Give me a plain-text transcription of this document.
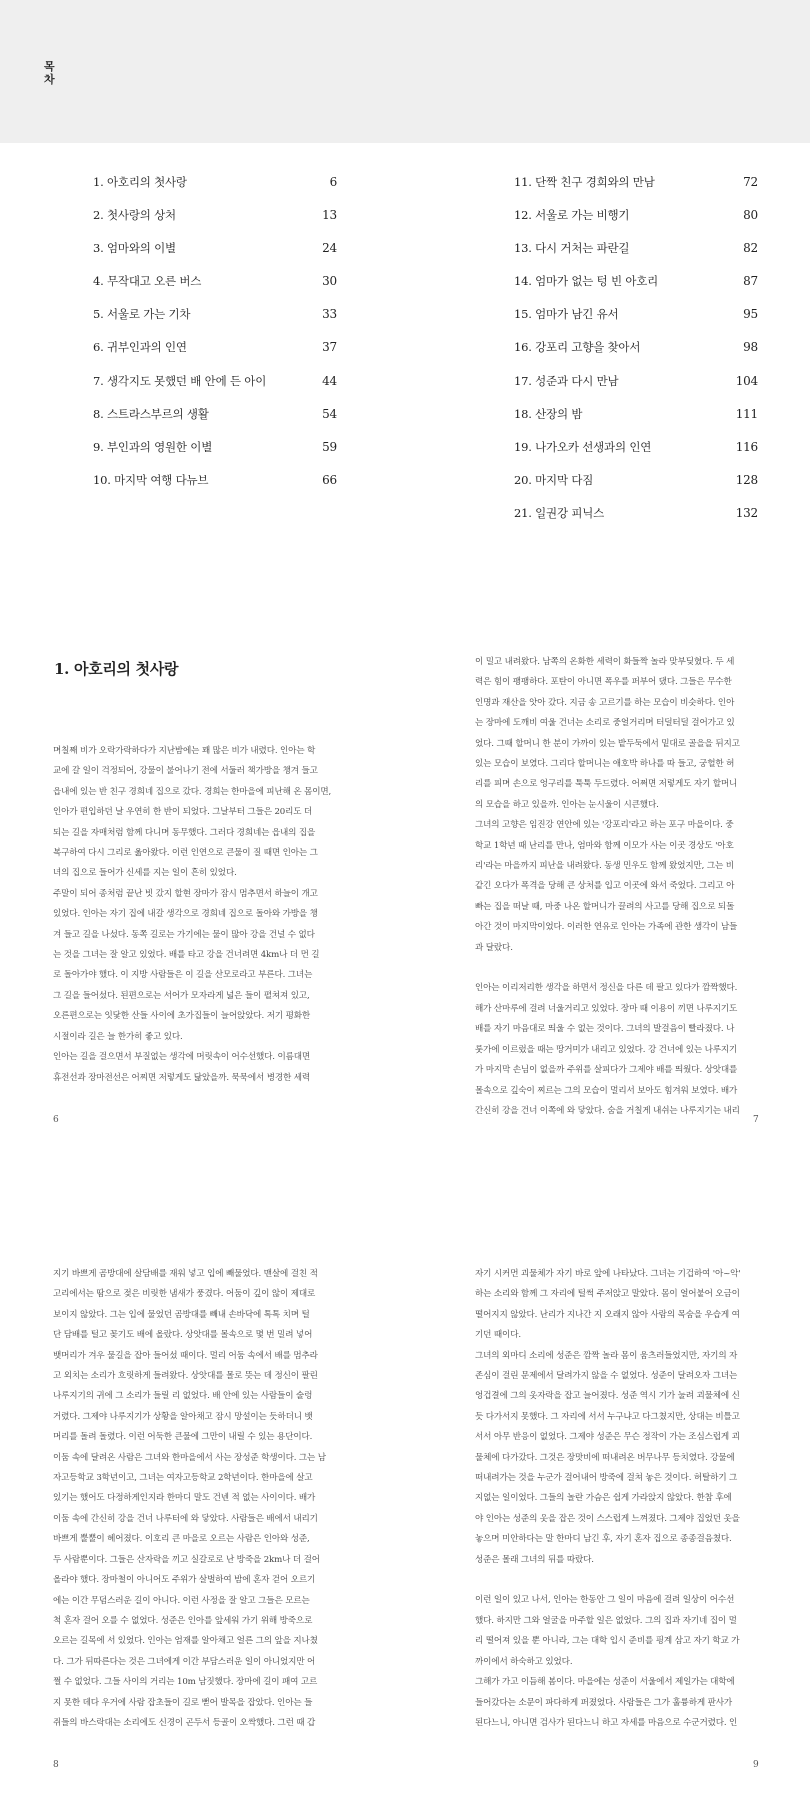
목차
1. 아호리의 첫사랑	6
2. 첫사랑의 상처	13
3. 엄마와의 이별	24
4. 무작대고 오른 버스	30
5. 서울로 가는 기차	33
6. 귀부인과의 인연	37
7. 생각지도 못했던 배 안에 든 아이	44
8. 스트라스부르의 생활	54
9. 부인과의 영원한 이별	59
10. 마지막 여행 다뉴브	66
11. 단짝 친구 경희와의 만남	72
12. 서울로 가는 비행기	80
13. 다시 거처는 파란길	82
14. 엄마가 없는 텅 빈 아호리	87
15. 엄마가 남긴 유서	95
16. 강포리 고향을 찾아서	98
17. 성준과 다시 만남	104
18. 산장의 밤	111
19. 나가오카 선생과의 인연	116
20. 마지막 다짐	128
21. 일권강 피닉스	132
1. 아호리의 첫사랑

며칠째 비가 오락가락하다가 지난밤에는 꽤 많은 비가 내렸다. 인아는 학

교에 갈 일이 걱정되어, 강물이 불어나기 전에 서둘러 책가방을 챙겨 들고

읍내에 있는 반 친구 경희네 집으로 갔다. 경희는 한마을에 피난해 온 몸이면,

인아가 편입하던 날 우연히 한 반이 되었다. 그날부터 그들은 20리도 더

되는 길을 자매처럼 함께 다니며 동무했다. 그러다 경희네는 읍내의 집을

복구하여 다시 그리로 옮아왔다. 이런 인연으로 큰물이 질 때면 인아는 그

녀의 집으로 들어가 신세를 지는 일이 흔히 있었다.

주말이 되어 종처럼 끝난 빗 갔지 할현 장마가 잠시 멈추면서 하늘이 개고

있었다. 인아는 자기 집에 내갈 생각으로 경희네 집으로 돌아와 가방을 챙

겨 들고 길을 나섰다. 동쪽 길로는 가기에는 물이 많아 강을 건널 수 없다

는 것을 그녀는 잘 알고 있었다. 배를 타고 강을 건너려면 4km나 더 먼 길

로 돌아가야 했다. 이 지방 사람들은 이 길을 산모로라고 부른다. 그녀는

그 길을 들어섰다. 된편으로는 서어가 모자라게 넓은 들이 펼쳐져 있고,

오른편으로는 잇닻한 산들 사이에 초가집들이 늘어앉았다. 저기 평화한

시절이라 길은 늘 한가히 좋고 있다.

인아는 길을 걸으면서 부질없는 생각에 머릿속이 어수선했다. 이름대면

휴전선과 장마전선은 어찌면 저렇게도 닮았을까. 묵묵에서 병경한 세력

이 밀고 내려왔다. 남쪽의 온화한 세력이 화들짝 놀라 맞부딪혔다. 두 세

력은 힘이 팽팽하다. 포탄이 아니면 폭우를 퍼부어 댔다. 그들은 무수한

인명과 재산을 앗아 갔다. 지금 송 고르기를 하는 모습이 비슷하다. 인아

는 장마에 도깨비 여울 건너는 소리로 중얼거리며 터덜터덜 걸어가고 있

었다. 그때 할머니 한 분이 가까이 있는 밭두둑에서 밑대로 골을을 뒤지고

있는 모습이 보였다. 그리다 할머니는 애호박 하나를 따 들고, 궁헐한 허

리를 피며 손으로 엉구리를 툭툭 두드렸다. 어쩌면 저렇게도 자기 할머니

의 모습을 하고 있을까. 인아는 눈시울이 시큰했다.

그녀의 고향은 임진강 연안에 있는 '강포리'라고 하는 포구 마을이다. 중

학교 1학년 때 난리를 만나, 엄마와 함께 이모가 사는 이곳 경상도 '아호

리'라는 마을까지 피난을 내려왔다. 동생 민우도 함께 왔었지만, 그는 비

같긴 오다가 폭격을 당해 큰 상처를 입고 이곳에 와서 죽었다. 그리고 아

빠는 집을 떠날 때, 마중 나온 할머니가 끌려의 사고를 당해 집으로 되돌

아간 것이 마지막이었다. 이러한 연유로 인아는 가족에 관한 생각이 남들

과 달랐다.

인아는 이리저리한 생각을 하면서 정신을 다른 데 팔고 있다가 깜짝했다.

해가 산마루에 걸려 너울거리고 있었다. 장마 때 이용이 끼면 나루지기도

배를 자기 마음대로 띄울 수 없는 것이다. 그녀의 발걸음이 빨라졌다. 나

룻가에 이르렀을 때는 땅거미가 내리고 있었다. 강 건너에 있는 나루지기

가 마지막 손님이 없을까 주위를 살피다가 그제야 배를 띄웠다. 상앗대를

몰속으로 깊숙이 찌르는 그의 모습이 멀리서 보아도 힘겨워 보였다. 배가

간신히 강을 건너 이쪽에 와 닿았다. 숨을 거칠게 내쉬는 나루지기는 내리

6	7

지기 바쁘게 곰방대에 살담배를 재워 넣고 입에 빼물었다. 맨살에 걸친 적

고리에서는 땀으로 젖은 비릿한 냄새가 풍겼다. 어둠이 깊이 않이 제대로

보이지 않았다. 그는 입에 물었던 곰방대를 빼내 손바닥에 톡톡 치며 털

단 담배를 털고 꽂기도 배에 올랐다. 상앗대를 몰속으로 몇 번 밀려 넣어

뱃머리가 겨우 물길을 잡아 들어섰 때이다. 멀리 어둠 속에서 배를 멈추라

고 외치는 소리가 흐릿하게 들려왔다. 상앗대를 몰로 뜻는 데 정신이 팔린

나루지기의 귀에 그 소리가 들릴 리 없었다. 배 안에 있는 사람들이 술렁

거렸다. 그제야 나루지기가 상황을 알아채고 잠시 망설이는 듯하더니 뱃

머리를 돌려 돌렸다. 이런 어둑한 큰물에 그만이 내릴 수 있는 용단이다.

이둠 속에 달려온 사람은 그녀와 한마을에서 사는 장성준 학생이다. 그는 남

자고등학교 3학년이고, 그녀는 여자고등학교 2학년이다. 한마을에 살고

있기는 했어도 다정하게인지라 한마디 말도 건넨 적 없는 사이이다. 배가

이둠 속에 간신히 강을 건너 나루터에 와 닿았다. 사람들은 배에서 내리기

바쁘게 뿔뿔이 헤어졌다. 이호리 큰 마을로 오르는 사람은 인아와 성준,

두 사람뿐이다. 그들은 산자락을 끼고 실갈로로 난 방죽을 2km나 더 걸어

올라야 했다. 장마철이 아니어도 주위가 살벌하여 밤에 혼자 걷어 오르기

에는 이간 무덤스러운 길이 아니다. 이런 사정을 잘 알고 그들은 모르는

척 혼자 걸어 오를 수 없었다. 성준은 인아를 앞세워 가기 위해 방죽으로

오르는 길목에 서 있었다. 인아는 엄재를 알아채고 얼른 그의 앞을 지나쳤

다. 그가 뒤따른다는 것은 그녀에게 이간 부담스러운 일이 아니었지만 어

쩔 수 없었다. 그들 사이의 거리는 10m 남짓했다. 장마에 길이 패여 고르

지 못한 데다 우거에 사람 잡초들이 길로 뻗어 발목을 잡았다. 인아는 들

쥐들의 바스락대는 소리에도 신경이 곤두서 등골이 오싹했다. 그런 때 갑

자기 시커먼 괴물체가 자기 바로 앞에 나타났다. 그녀는 기겁하여 '아~악'

하는 소리와 함께 그 자리에 털썩 주저앉고 말았다. 몸이 얼어붙어 오금이

떨어지지 않았다. 난리가 지나간 지 오래지 않아 사람의 목숨을 우습게 여

기던 때이다.

그녀의 외마디 소리에 성준은 깜짝 놀라 몸이 움츠러들었지만, 자기의 자

존심이 걸린 문제에서 달려가지 않을 수 없었다. 성준이 달려오자 그녀는

엉겁결에 그의 옷자락을 잡고 늘어졌다. 성준 역시 기가 눌려 괴물체에 신

듯 다가서지 못했다. 그 자리에 서서 누구냐고 다그쳤지만, 상대는 비틀고

서서 아무 반응이 없었다. 그제야 성준은 무슨 정작이 가는 조심스럽게 괴

물체에 다가갔다. 그것은 장맛비에 떠내려온 버무나무 등치였다. 강물에

떠내려가는 것을 누군가 걸어내어 방죽에 걸쳐 놓은 것이다. 허탈하기 그

지없는 일이었다. 그들의 놀란 가슴은 쉽게 가라앉지 않았다. 한참 후에

야 인아는 성준의 옷을 잡은 것이 스스럽게 느껴졌다. 그제야 집었던 옷을

놓으며 미안하다는 말 한마디 남긴 후, 자기 혼자 집으로 종종걸음쳤다.

성준은 몰래 그녀의 뒤를 따랐다.

이런 일이 있고 나서, 인아는 한동안 그 일이 마음에 걸려 일상이 어수선

했다. 하지만 그와 얼굴을 마주할 일은 없었다. 그의 집과 자기네 집이 멀

리 떨어져 있을 뿐 아니라, 그는 대학 입시 준비를 핑계 삼고 자기 학교 가

까이에서 하숙하고 있었다.

그해가 가고 이듬해 봄이다. 마을에는 성준이 서울에서 제일가는 대학에

들어갔다는 소문이 파다하게 퍼졌었다. 사람들은 그가 훌륭하게 판사가

된다느니, 아니면 검사가 된다느니 하고 자세를 마음으로 수군거렸다. 인

8	9
